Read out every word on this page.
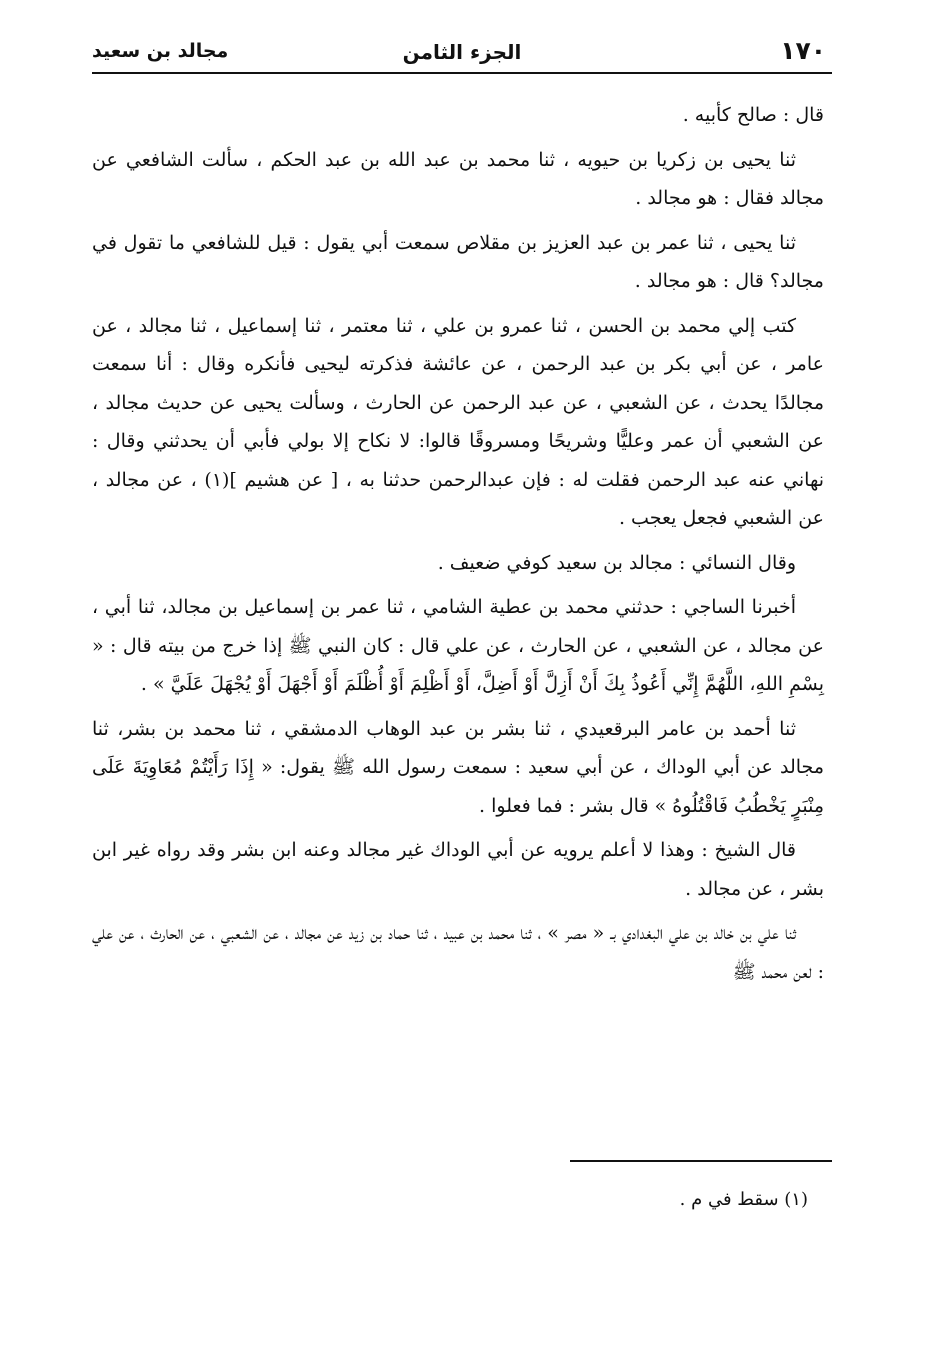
١٧٠
الجزء الثامن
مجالد بن سعيد

قال : صالح كأبيه .

ثنا يحيى بن زكريا بن حيويه ، ثنا محمد بن عبد الله بن عبد الحكم ، سألت الشافعي عن مجالد فقال : هو مجالد .

ثنا يحيى ، ثنا عمر بن عبد العزيز بن مقلاص سمعت أبي يقول : قيل للشافعي ما تقول في مجالد؟ قال : هو مجالد .

كتب إلي محمد بن الحسن ، ثنا عمرو بن علي ، ثنا معتمر ، ثنا إسماعيل ، ثنا مجالد ، عن عامر ، عن أبي بكر بن عبد الرحمن ، عن عائشة فذكرته ليحيى فأنكره وقال : أنا سمعت مجالدًا يحدث ، عن الشعبي ، عن عبد الرحمن عن الحارث ، وسألت يحيى عن حديث مجالد ، عن الشعبي أن عمر وعليًّا وشريحًا ومسروقًا قالوا: لا نكاح إلا بولي فأبي أن يحدثني وقال : نهاني عنه عبد الرحمن فقلت له : فإن عبدالرحمن حدثنا به ، [ عن هشيم ](١) ، عن مجالد ، عن الشعبي فجعل يعجب .

وقال النسائي : مجالد بن سعيد كوفي ضعيف .

أخبرنا الساجي : حدثني محمد بن عطية الشامي ، ثنا عمر بن إسماعيل بن مجالد، ثنا أبي ، عن مجالد ، عن الشعبي ، عن الحارث ، عن علي قال : كان النبي ﷺ إذا خرج من بيته قال : « بِسْمِ اللهِ، اللَّهُمَّ إِنِّي أَعُوذُ بِكَ أَنْ أَزِلَّ أَوْ أَضِلَّ، أَوْ أَظْلِمَ أَوْ أُظْلَمَ أَوْ أَجْهَلَ أَوْ يُجْهَلَ عَلَيَّ » .

ثنا أحمد بن عامر البرقعيدي ، ثنا بشر بن عبد الوهاب الدمشقي ، ثنا محمد بن بشر، ثنا مجالد عن أبي الوداك ، عن أبي سعيد : سمعت رسول الله ﷺ يقول: « إِذَا رَأَيْتُمْ مُعَاوِيَةَ عَلَى مِنْبَرٍ يَخْطُبُ فَاقْتُلُوهُ » قال بشر : فما فعلوا .

قال الشيخ : وهذا لا أعلم يرويه عن أبي الوداك غير مجالد وعنه ابن بشر وقد رواه غير ابن بشر ، عن مجالد .

ثنا علي بن خالد بن علي البغدادي بـ « مصر » ، ثنا محمد بن عبيد ، ثنا حماد بن زيد عن مجالد ، عن الشعبي ، عن الحارث ، عن علي : لعن محمد ﷺ

(١) سقط في م .
